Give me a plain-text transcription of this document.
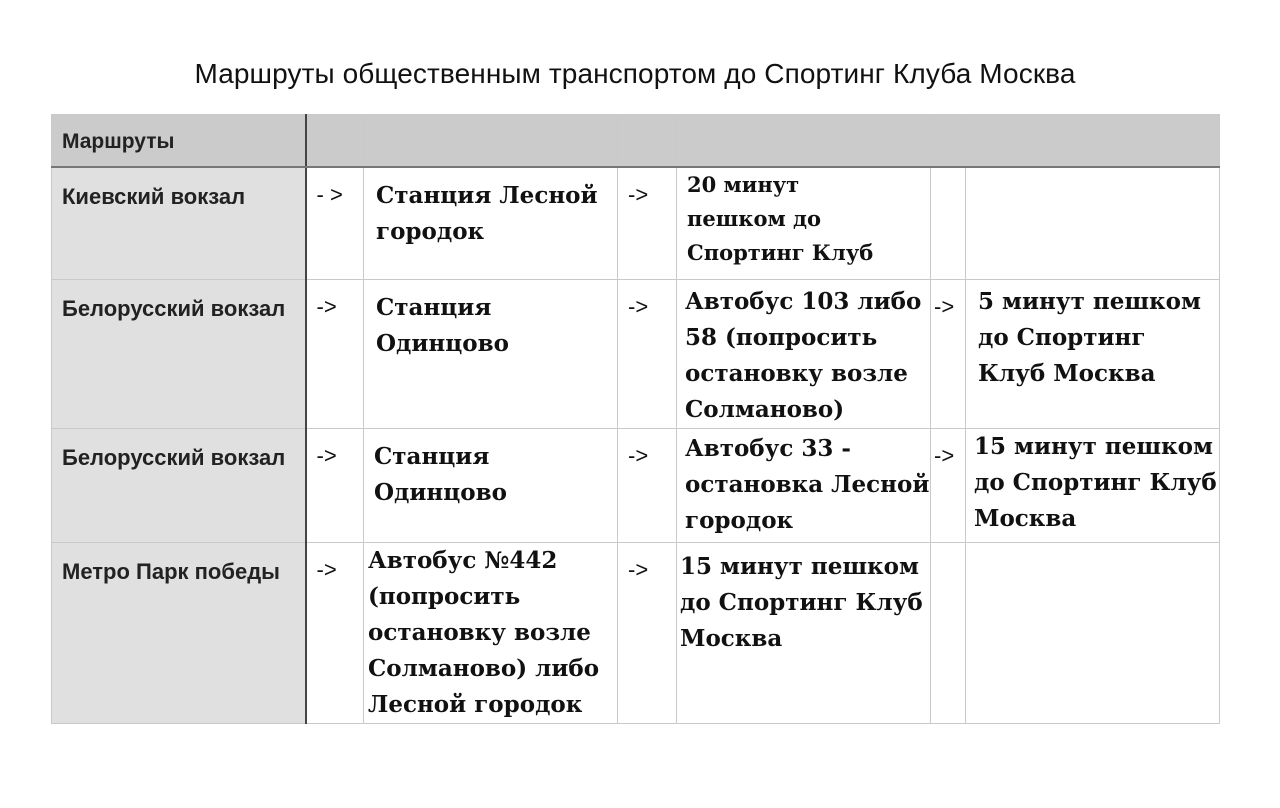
Маршруты общественным транспортом до Спортинг Клуба Москва
Маршруты						

Киевский вокзал	- >	Станция Лесной городок	->	20 минут пешком до Спортинг Клуб		

Белорусский вокзал	->	Станция Одинцово	->	Автобус 103 либо 58 (попросить остановку возле Солманово)	->	5 минут пешком до Спортинг Клуб Москва

Белорусский вокзал	->	Станция Одинцово	->	Автобус 33 - остановка Лесной городок	->	15 минут пешком до Спортинг Клуб Москва

Метро Парк победы	->	Автобус №442 (попросить остановку возле Солманово) либо Лесной городок	->	15 минут пешком до Спортинг Клуб Москва		
